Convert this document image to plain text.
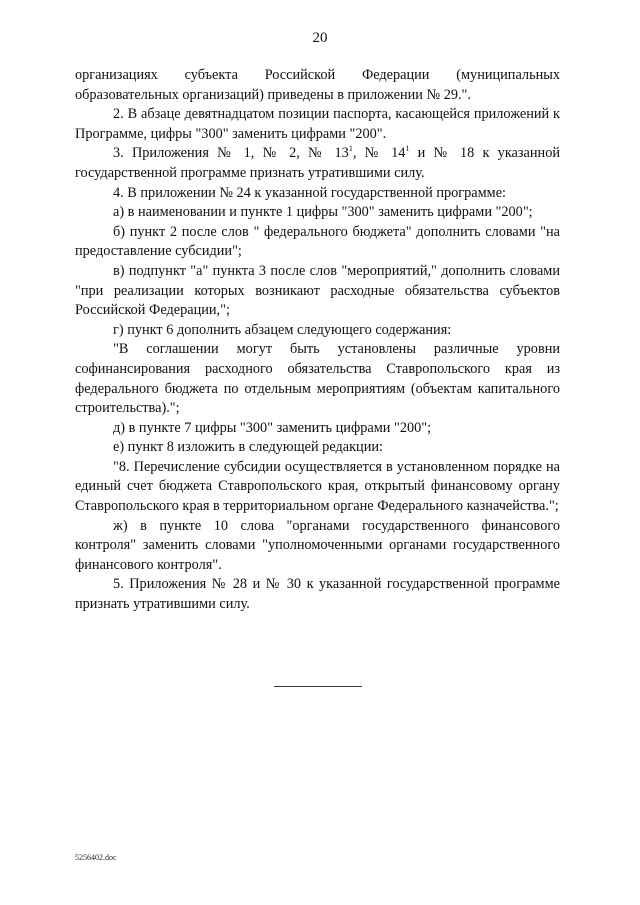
20

организациях субъекта Российской Федерации (муниципальных образовательных организаций) приведены в приложении № 29.".

2. В абзаце девятнадцатом позиции паспорта, касающейся приложений к Программе, цифры "300" заменить цифрами "200".

3. Приложения № 1, № 2, № $13^1$, № $14^1$ и № 18 к указанной государственной программе признать утратившими силу.

4. В приложении № 24 к указанной государственной программе:

а) в наименовании и пункте 1 цифры "300" заменить цифрами "200";

б) пункт 2 после слов " федерального бюджета" дополнить словами "на предоставление субсидии";

в) подпункт "а" пункта 3 после слов "мероприятий," дополнить словами "при реализации которых возникают расходные обязательства субъектов Российской Федерации,";

г) пункт 6 дополнить абзацем следующего содержания:

"В соглашении могут быть установлены различные уровни софинансирования расходного обязательства Ставропольского края из федерального бюджета по отдельным мероприятиям (объектам капитального строительства).";

д) в пункте 7 цифры "300" заменить цифрами "200";

е) пункт 8 изложить в следующей редакции:

"8. Перечисление субсидии осуществляется в установленном порядке на единый счет бюджета Ставропольского края, открытый финансовому органу Ставропольского края в территориальном органе Федерального казначейства.";

ж) в пункте 10 слова "органами государственного финансового контроля" заменить словами "уполномоченными органами государственного финансового контроля".

5. Приложения № 28 и № 30 к указанной государственной программе признать утратившими силу.

5256402.doc
